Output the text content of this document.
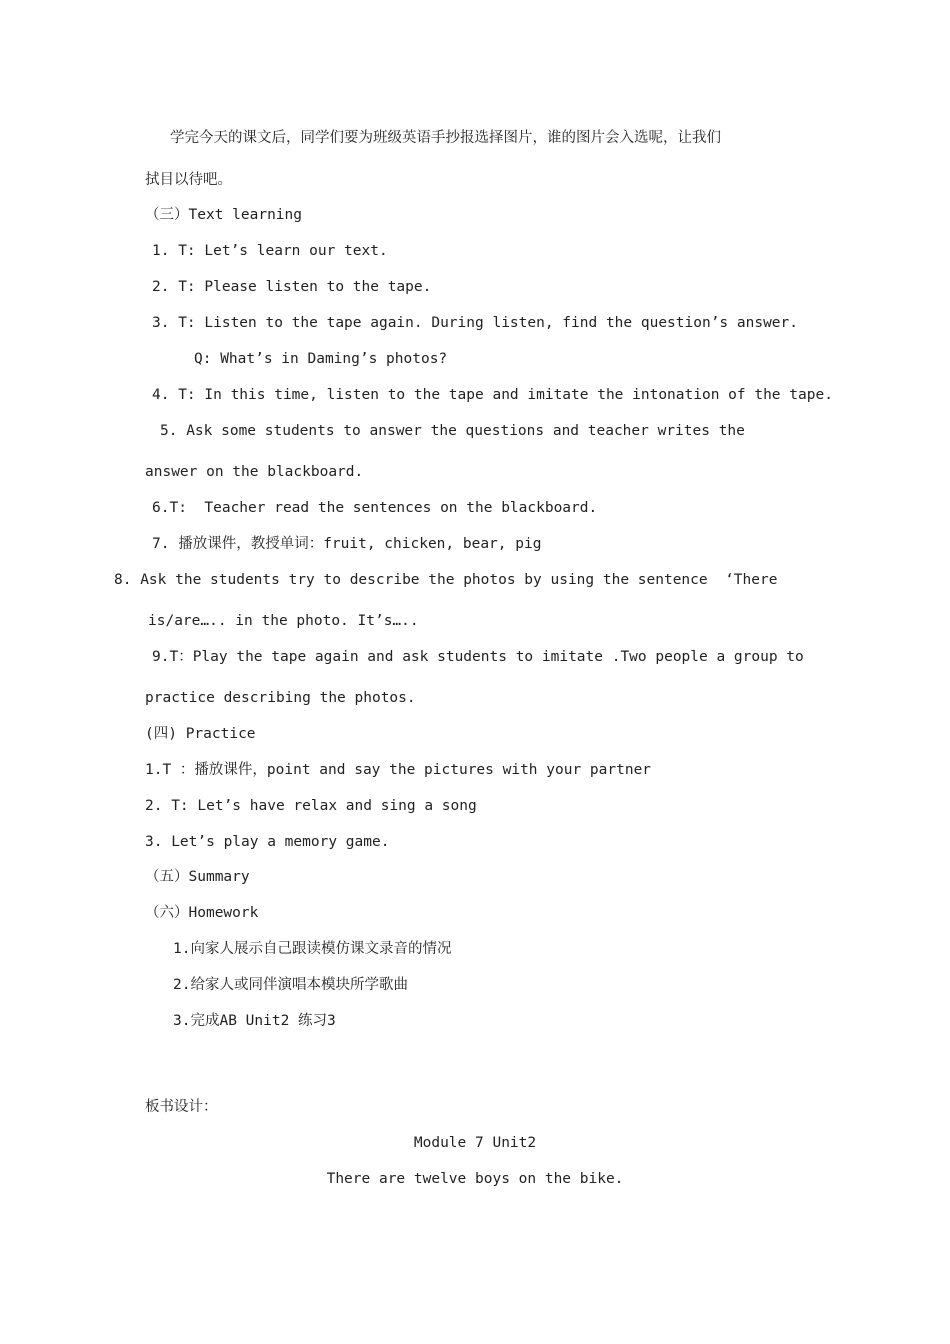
学完今天的课文后，同学们要为班级英语手抄报选择图片，谁的图片会入选呢，让我们
拭目以待吧。
（三）Text learning
1. T: Let’s learn our text.
2. T: Please listen to the tape.
3. T: Listen to the tape again. During listen, find the question’s answer.
Q: What’s in Daming’s photos?
4. T: In this time, listen to the tape and imitate the intonation of the tape.
5. Ask some students to answer the questions and teacher writes the
answer on the blackboard.
6.T:  Teacher read the sentences on the blackboard.
7. 播放课件，教授单词：fruit, chicken, bear, pig
8. Ask the students try to describe the photos by using the sentence  ‘There
is/are….. in the photo. It’s…..
9.T：Play the tape again and ask students to imitate .Two people a group to
practice describing the photos.
(四) Practice
1.T ：播放课件，point and say the pictures with your partner
2. T: Let’s have relax and sing a song
3. Let’s play a memory game.
（五）Summary
（六）Homework
1.向家人展示自己跟读模仿课文录音的情况
2.给家人或同伴演唱本模块所学歌曲
3.完成AB Unit2 练习3
板书设计：
Module 7 Unit2
There are twelve boys on the bike.
